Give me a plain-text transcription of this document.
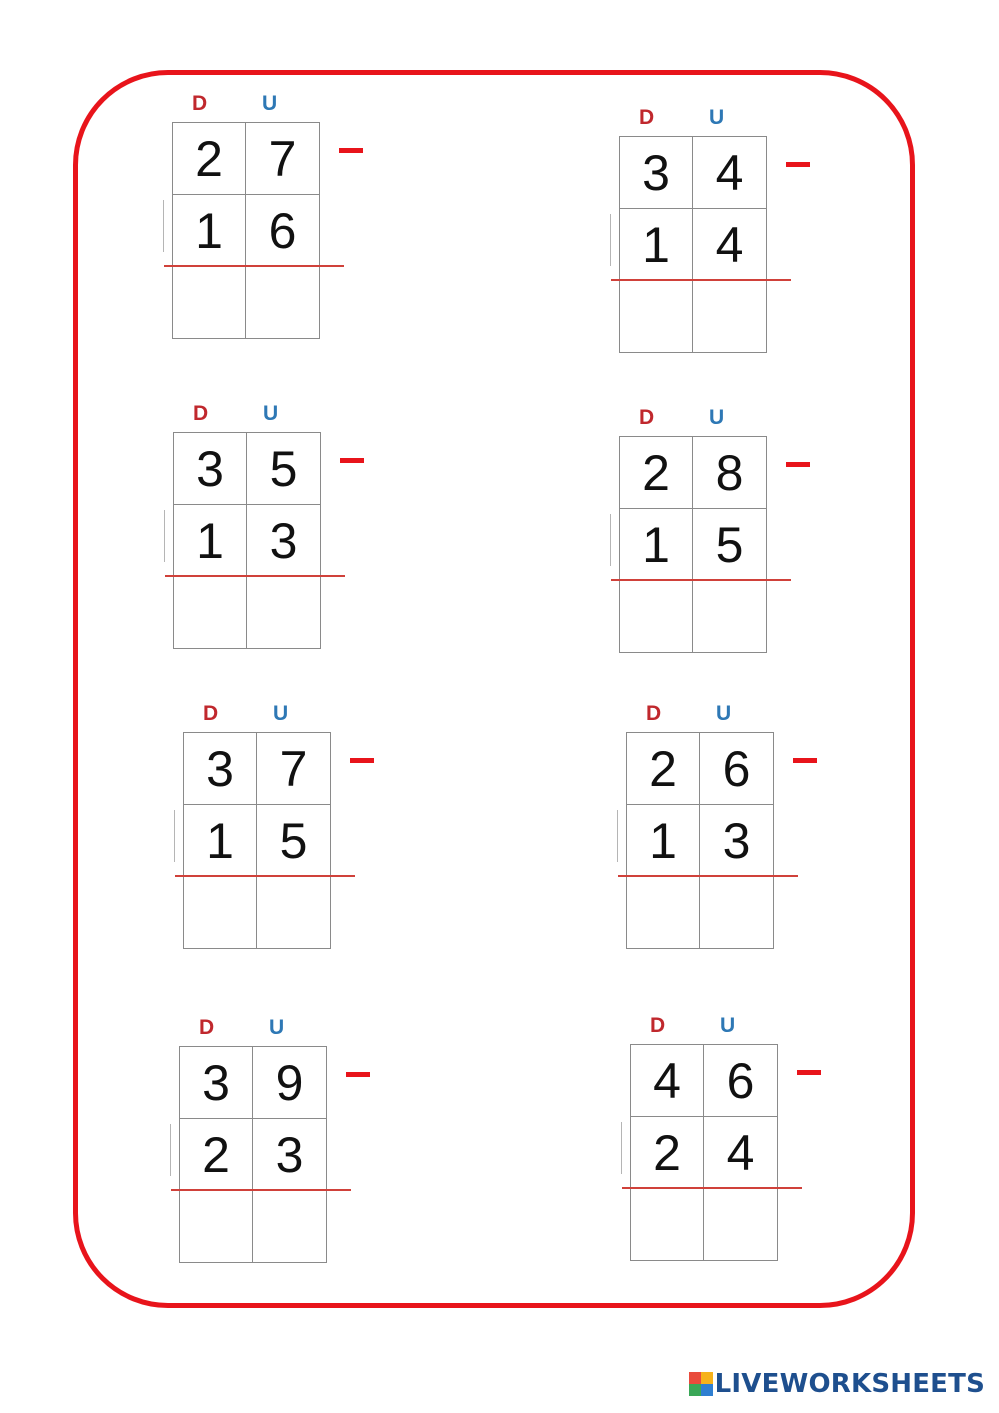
D	U
2 7
1 6
D	U
3 4
1 4
D	U
3 5
1 3
D	U
2 8
1 5
D	U
3 7
1 5
D	U
2 6
1 3
D	U
3 9
2 3
D	U
4 6
2 4
LIVEWORKSHEETS
